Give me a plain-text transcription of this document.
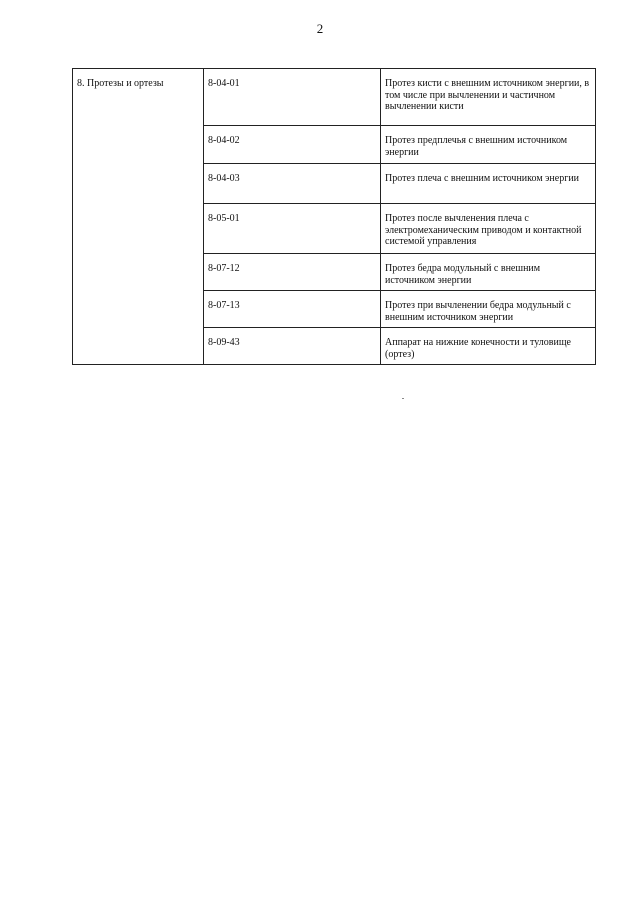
2
8. Протезы и ортезы	8-04-01	Протез кисти с внешним источником энергии, в том числе при вычленении и частичном вычленении кисти
	8-04-02	Протез предплечья с внешним источником энергии
	8-04-03	Протез плеча с внешним источником энергии
	8-05-01	Протез после вычленения плеча с электромеханическим приводом и контактной системой управления
	8-07-12	Протез бедра модульный с внешним источником энергии
	8-07-13	Протез при вычленении бедра модульный с внешним источником энергии
	8-09-43	Аппарат на нижние конечности и туловище (ортез)
